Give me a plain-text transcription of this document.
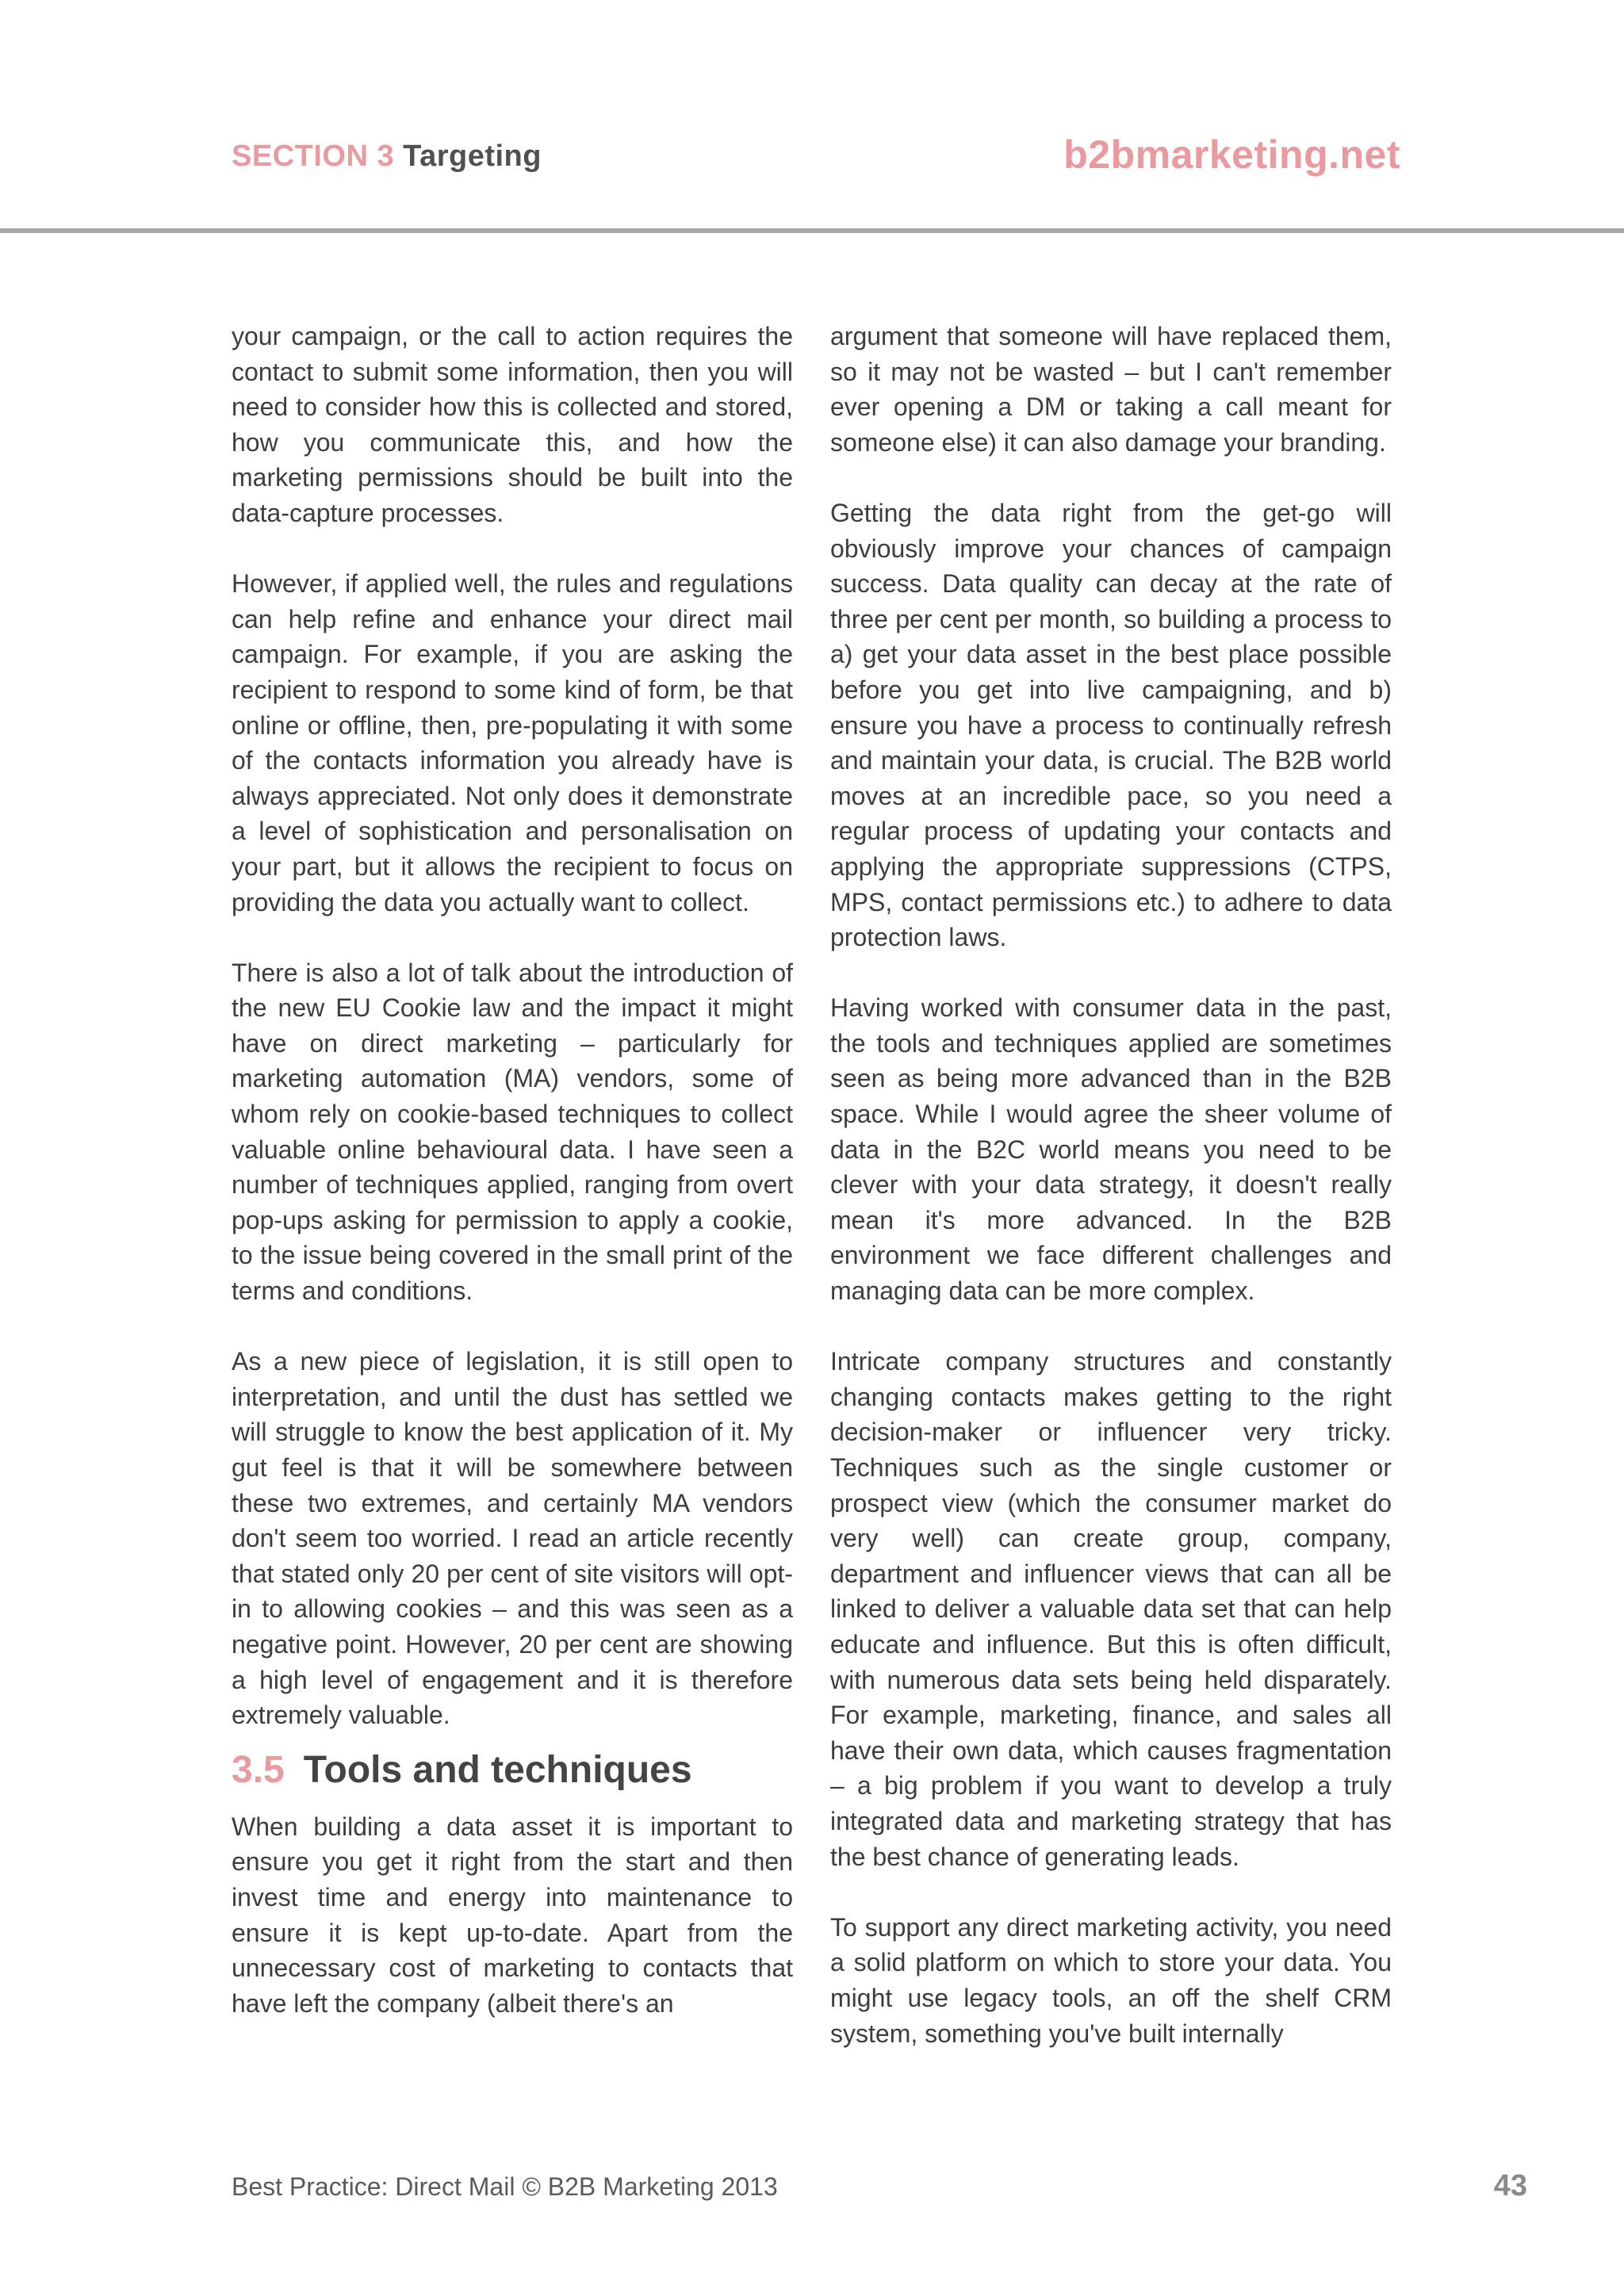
SECTION 3 Targeting	b2bmarketing.net

your campaign, or the call to action requires the contact to submit some information, then you will need to consider how this is collected and stored, how you communicate this, and how the marketing permissions should be built into the data-capture processes.

However, if applied well, the rules and regulations can help refine and enhance your direct mail campaign. For example, if you are asking the recipient to respond to some kind of form, be that online or offline, then, pre-populating it with some of the contacts information you already have is always appreciated. Not only does it demonstrate a level of sophistication and personalisation on your part, but it allows the recipient to focus on providing the data you actually want to collect.

There is also a lot of talk about the introduction of the new EU Cookie law and the impact it might have on direct marketing – particularly for marketing automation (MA) vendors, some of whom rely on cookie-based techniques to collect valuable online behavioural data. I have seen a number of techniques applied, ranging from overt pop-ups asking for permission to apply a cookie, to the issue being covered in the small print of the terms and conditions.

As a new piece of legislation, it is still open to interpretation, and until the dust has settled we will struggle to know the best application of it. My gut feel is that it will be somewhere between these two extremes, and certainly MA vendors don't seem too worried. I read an article recently that stated only 20 per cent of site visitors will opt-in to allowing cookies – and this was seen as a negative point. However, 20 per cent are showing a high level of engagement and it is therefore extremely valuable.

3.5 Tools and techniques

When building a data asset it is important to ensure you get it right from the start and then invest time and energy into maintenance to ensure it is kept up-to-date. Apart from the unnecessary cost of marketing to contacts that have left the company (albeit there's an

argument that someone will have replaced them, so it may not be wasted – but I can't remember ever opening a DM or taking a call meant for someone else) it can also damage your branding.

Getting the data right from the get-go will obviously improve your chances of campaign success. Data quality can decay at the rate of three per cent per month, so building a process to a) get your data asset in the best place possible before you get into live campaigning, and b) ensure you have a process to continually refresh and maintain your data, is crucial. The B2B world moves at an incredible pace, so you need a regular process of updating your contacts and applying the appropriate suppressions (CTPS, MPS, contact permissions etc.) to adhere to data protection laws.

Having worked with consumer data in the past, the tools and techniques applied are sometimes seen as being more advanced than in the B2B space. While I would agree the sheer volume of data in the B2C world means you need to be clever with your data strategy, it doesn't really mean it's more advanced. In the B2B environment we face different challenges and managing data can be more complex.

Intricate company structures and constantly changing contacts makes getting to the right decision-maker or influencer very tricky. Techniques such as the single customer or prospect view (which the consumer market do very well) can create group, company, department and influencer views that can all be linked to deliver a valuable data set that can help educate and influence. But this is often difficult, with numerous data sets being held disparately. For example, marketing, finance, and sales all have their own data, which causes fragmentation – a big problem if you want to develop a truly integrated data and marketing strategy that has the best chance of generating leads.

To support any direct marketing activity, you need a solid platform on which to store your data. You might use legacy tools, an off the shelf CRM system, something you've built internally

Best Practice: Direct Mail © B2B Marketing 2013	43
